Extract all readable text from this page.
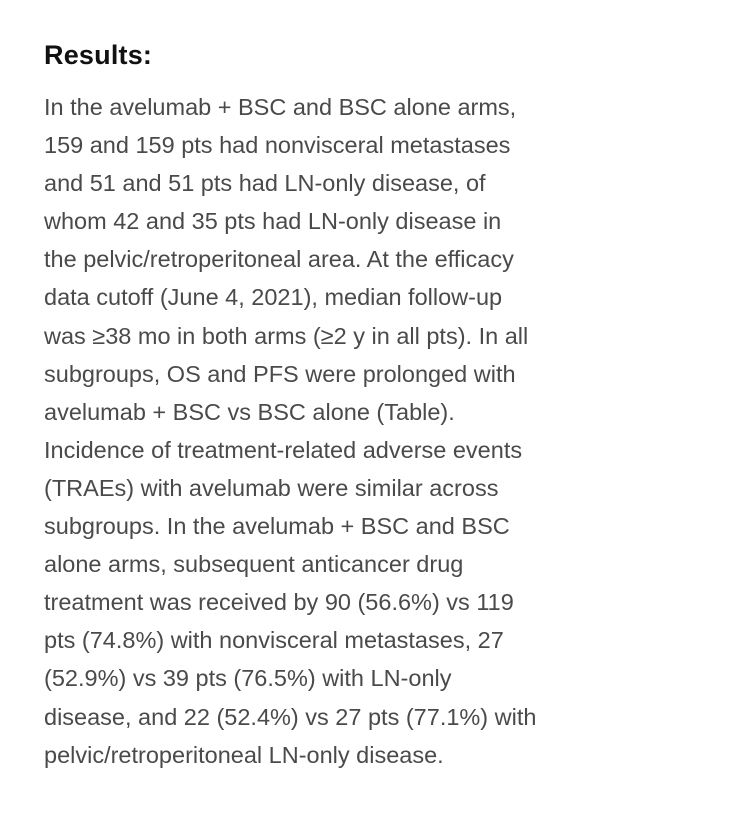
Results:
In the avelumab + BSC and BSC alone arms,
159 and 159 pts had nonvisceral metastases
and 51 and 51 pts had LN-only disease, of
whom 42 and 35 pts had LN-only disease in
the pelvic/retroperitoneal area. At the efficacy
data cutoff (June 4, 2021), median follow-up
was ≥38 mo in both arms (≥2 y in all pts). In all
subgroups, OS and PFS were prolonged with
avelumab + BSC vs BSC alone (Table).
Incidence of treatment-related adverse events
(TRAEs) with avelumab were similar across
subgroups. In the avelumab + BSC and BSC
alone arms, subsequent anticancer drug
treatment was received by 90 (56.6%) vs 119
pts (74.8%) with nonvisceral metastases, 27
(52.9%) vs 39 pts (76.5%) with LN-only
disease, and 22 (52.4%) vs 27 pts (77.1%) with
pelvic/retroperitoneal LN-only disease.
